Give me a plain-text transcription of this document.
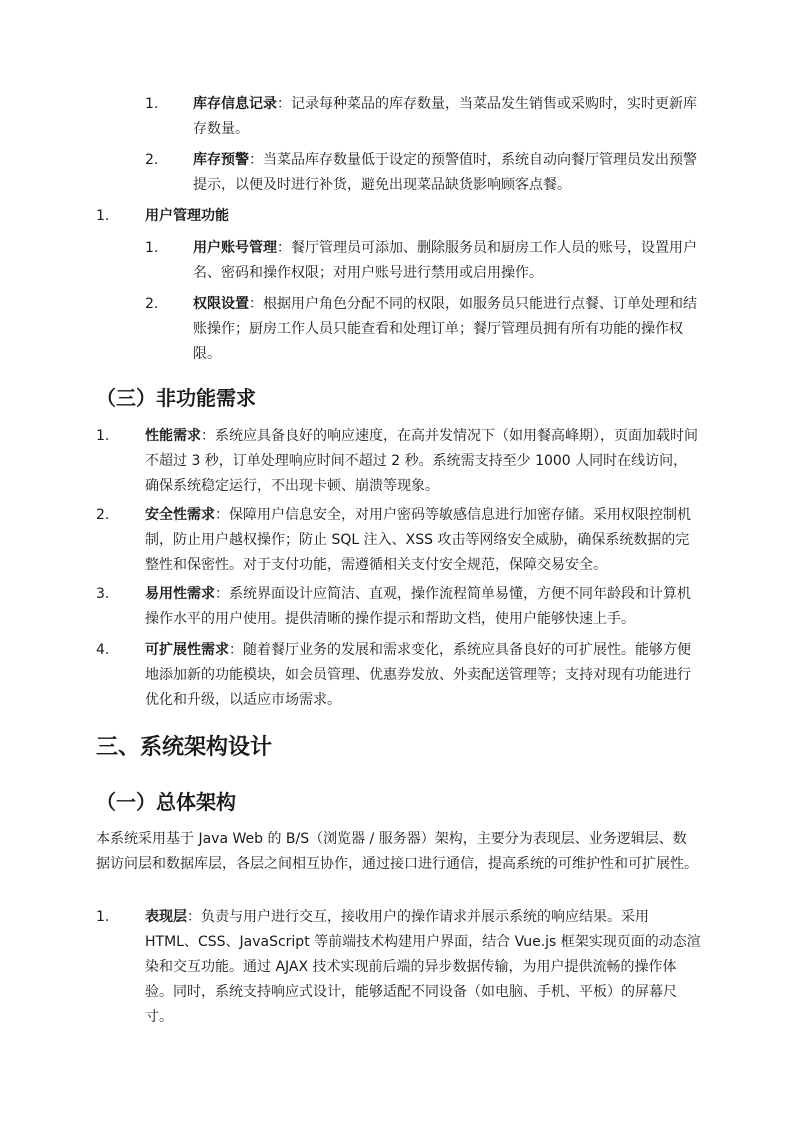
1. 库存信息记录：记录每种菜品的库存数量，当菜品发生销售或采购时，实时更新库存数量。
2. 库存预警：当菜品库存数量低于设定的预警值时，系统自动向餐厅管理员发出预警提示，以便及时进行补货，避免出现菜品缺货影响顾客点餐。
1.	用户管理功能
1. 用户账号管理：餐厅管理员可添加、删除服务员和厨房工作人员的账号，设置用户名、密码和操作权限；对用户账号进行禁用或启用操作。
2. 权限设置：根据用户角色分配不同的权限，如服务员只能进行点餐、订单处理和结账操作；厨房工作人员只能查看和处理订单；餐厅管理员拥有所有功能的操作权限。
（三）非功能需求
1.	性能需求：系统应具备良好的响应速度，在高并发情况下（如用餐高峰期），页面加载时间不超过 3 秒，订单处理响应时间不超过 2 秒。系统需支持至少 1000 人同时在线访问，确保系统稳定运行，不出现卡顿、崩溃等现象。
2.	安全性需求：保障用户信息安全，对用户密码等敏感信息进行加密存储。采用权限控制机制，防止用户越权操作；防止 SQL 注入、XSS 攻击等网络安全威胁，确保系统数据的完整性和保密性。对于支付功能，需遵循相关支付安全规范，保障交易安全。
3.	易用性需求：系统界面设计应简洁、直观，操作流程简单易懂，方便不同年龄段和计算机操作水平的用户使用。提供清晰的操作提示和帮助文档，使用户能够快速上手。
4.	可扩展性需求：随着餐厅业务的发展和需求变化，系统应具备良好的可扩展性。能够方便地添加新的功能模块，如会员管理、优惠券发放、外卖配送管理等；支持对现有功能进行优化和升级，以适应市场需求。
三、系统架构设计
（一）总体架构
本系统采用基于 Java Web 的 B/S（浏览器 / 服务器）架构，主要分为表现层、业务逻辑层、数据访问层和数据库层，各层之间相互协作，通过接口进行通信，提高系统的可维护性和可扩展性。
1.	表现层：负责与用户进行交互，接收用户的操作请求并展示系统的响应结果。采用 HTML、CSS、JavaScript 等前端技术构建用户界面，结合 Vue.js 框架实现页面的动态渲染和交互功能。通过 AJAX 技术实现前后端的异步数据传输，为用户提供流畅的操作体验。同时，系统支持响应式设计，能够适配不同设备（如电脑、手机、平板）的屏幕尺寸。
